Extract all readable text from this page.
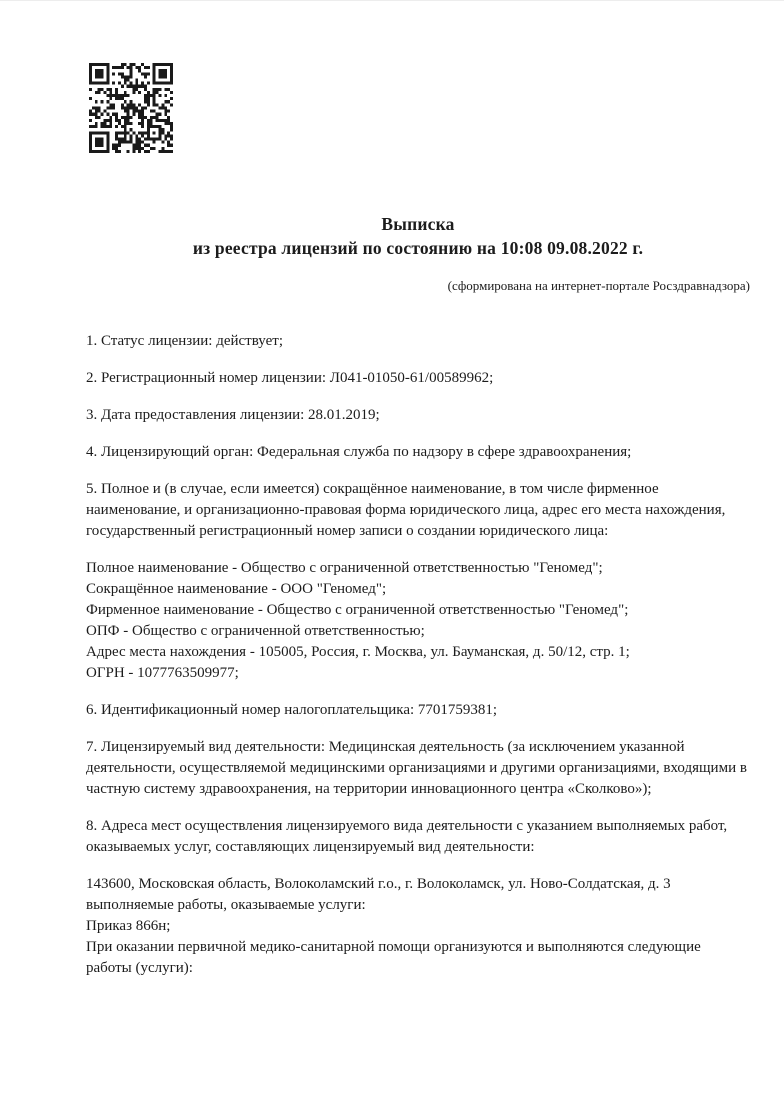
Выписка
из реестра лицензий по состоянию на 10:08 09.08.2022 г.
(сформирована на интернет-портале Росздравнадзора)

1. Статус лицензии: действует;

2. Регистрационный номер лицензии: Л041-01050-61/00589962;

3. Дата предоставления лицензии: 28.01.2019;

4. Лицензирующий орган: Федеральная служба по надзору в сфере здравоохранения;

5. Полное и (в случае, если имеется) сокращённое наименование, в том числе фирменное наименование, и организационно-правовая форма юридического лица, адрес его места нахождения, государственный регистрационный номер записи о создании юридического лица:

Полное наименование - Общество с ограниченной ответственностью "Геномед";
Сокращённое наименование - ООО "Геномед";
Фирменное наименование - Общество с ограниченной ответственностью "Геномед";
ОПФ - Общество с ограниченной ответственностью;
Адрес места нахождения - 105005, Россия, г. Москва, ул. Бауманская, д. 50/12, стр. 1;
ОГРН - 1077763509977;

6. Идентификационный номер налогоплательщика: 7701759381;

7. Лицензируемый вид деятельности: Медицинская деятельность (за исключением указанной деятельности, осуществляемой медицинскими организациями и другими организациями, входящими в частную систему здравоохранения, на территории инновационного центра «Сколково»);

8. Адреса мест осуществления лицензируемого вида деятельности с указанием выполняемых работ, оказываемых услуг, составляющих лицензируемый вид деятельности:

143600, Московская область, Волоколамский г.о., г. Волоколамск, ул. Ново-Солдатская, д. 3
выполняемые работы, оказываемые услуги:
Приказ 866н;
При оказании первичной медико-санитарной помощи организуются и выполняются следующие работы (услуги):
